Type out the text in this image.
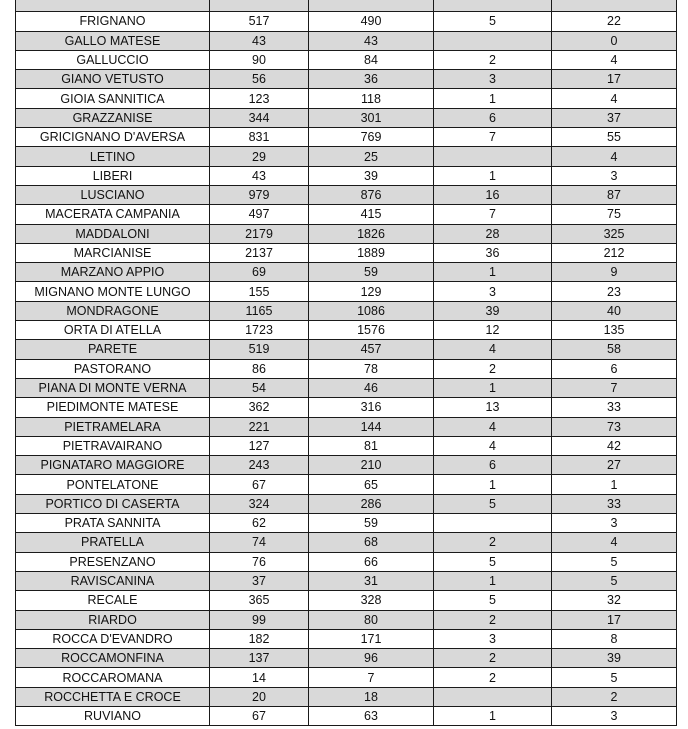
FRIGNANO	517	490	5	22
GALLO MATESE	43	43		0
GALLUCCIO	90	84	2	4
GIANO VETUSTO	56	36	3	17
GIOIA SANNITICA	123	118	1	4
GRAZZANISE	344	301	6	37
GRICIGNANO D'AVERSA	831	769	7	55
LETINO	29	25		4
LIBERI	43	39	1	3
LUSCIANO	979	876	16	87
MACERATA CAMPANIA	497	415	7	75
MADDALONI	2179	1826	28	325
MARCIANISE	2137	1889	36	212
MARZANO APPIO	69	59	1	9
MIGNANO MONTE LUNGO	155	129	3	23
MONDRAGONE	1165	1086	39	40
ORTA DI ATELLA	1723	1576	12	135
PARETE	519	457	4	58
PASTORANO	86	78	2	6
PIANA DI MONTE VERNA	54	46	1	7
PIEDIMONTE MATESE	362	316	13	33
PIETRAMELARA	221	144	4	73
PIETRAVAIRANO	127	81	4	42
PIGNATARO MAGGIORE	243	210	6	27
PONTELATONE	67	65	1	1
PORTICO DI CASERTA	324	286	5	33
PRATA SANNITA	62	59		3
PRATELLA	74	68	2	4
PRESENZANO	76	66	5	5
RAVISCANINA	37	31	1	5
RECALE	365	328	5	32
RIARDO	99	80	2	17
ROCCA D'EVANDRO	182	171	3	8
ROCCAMONFINA	137	96	2	39
ROCCAROMANA	14	7	2	5
ROCCHETTA E CROCE	20	18		2
RUVIANO	67	63	1	3
